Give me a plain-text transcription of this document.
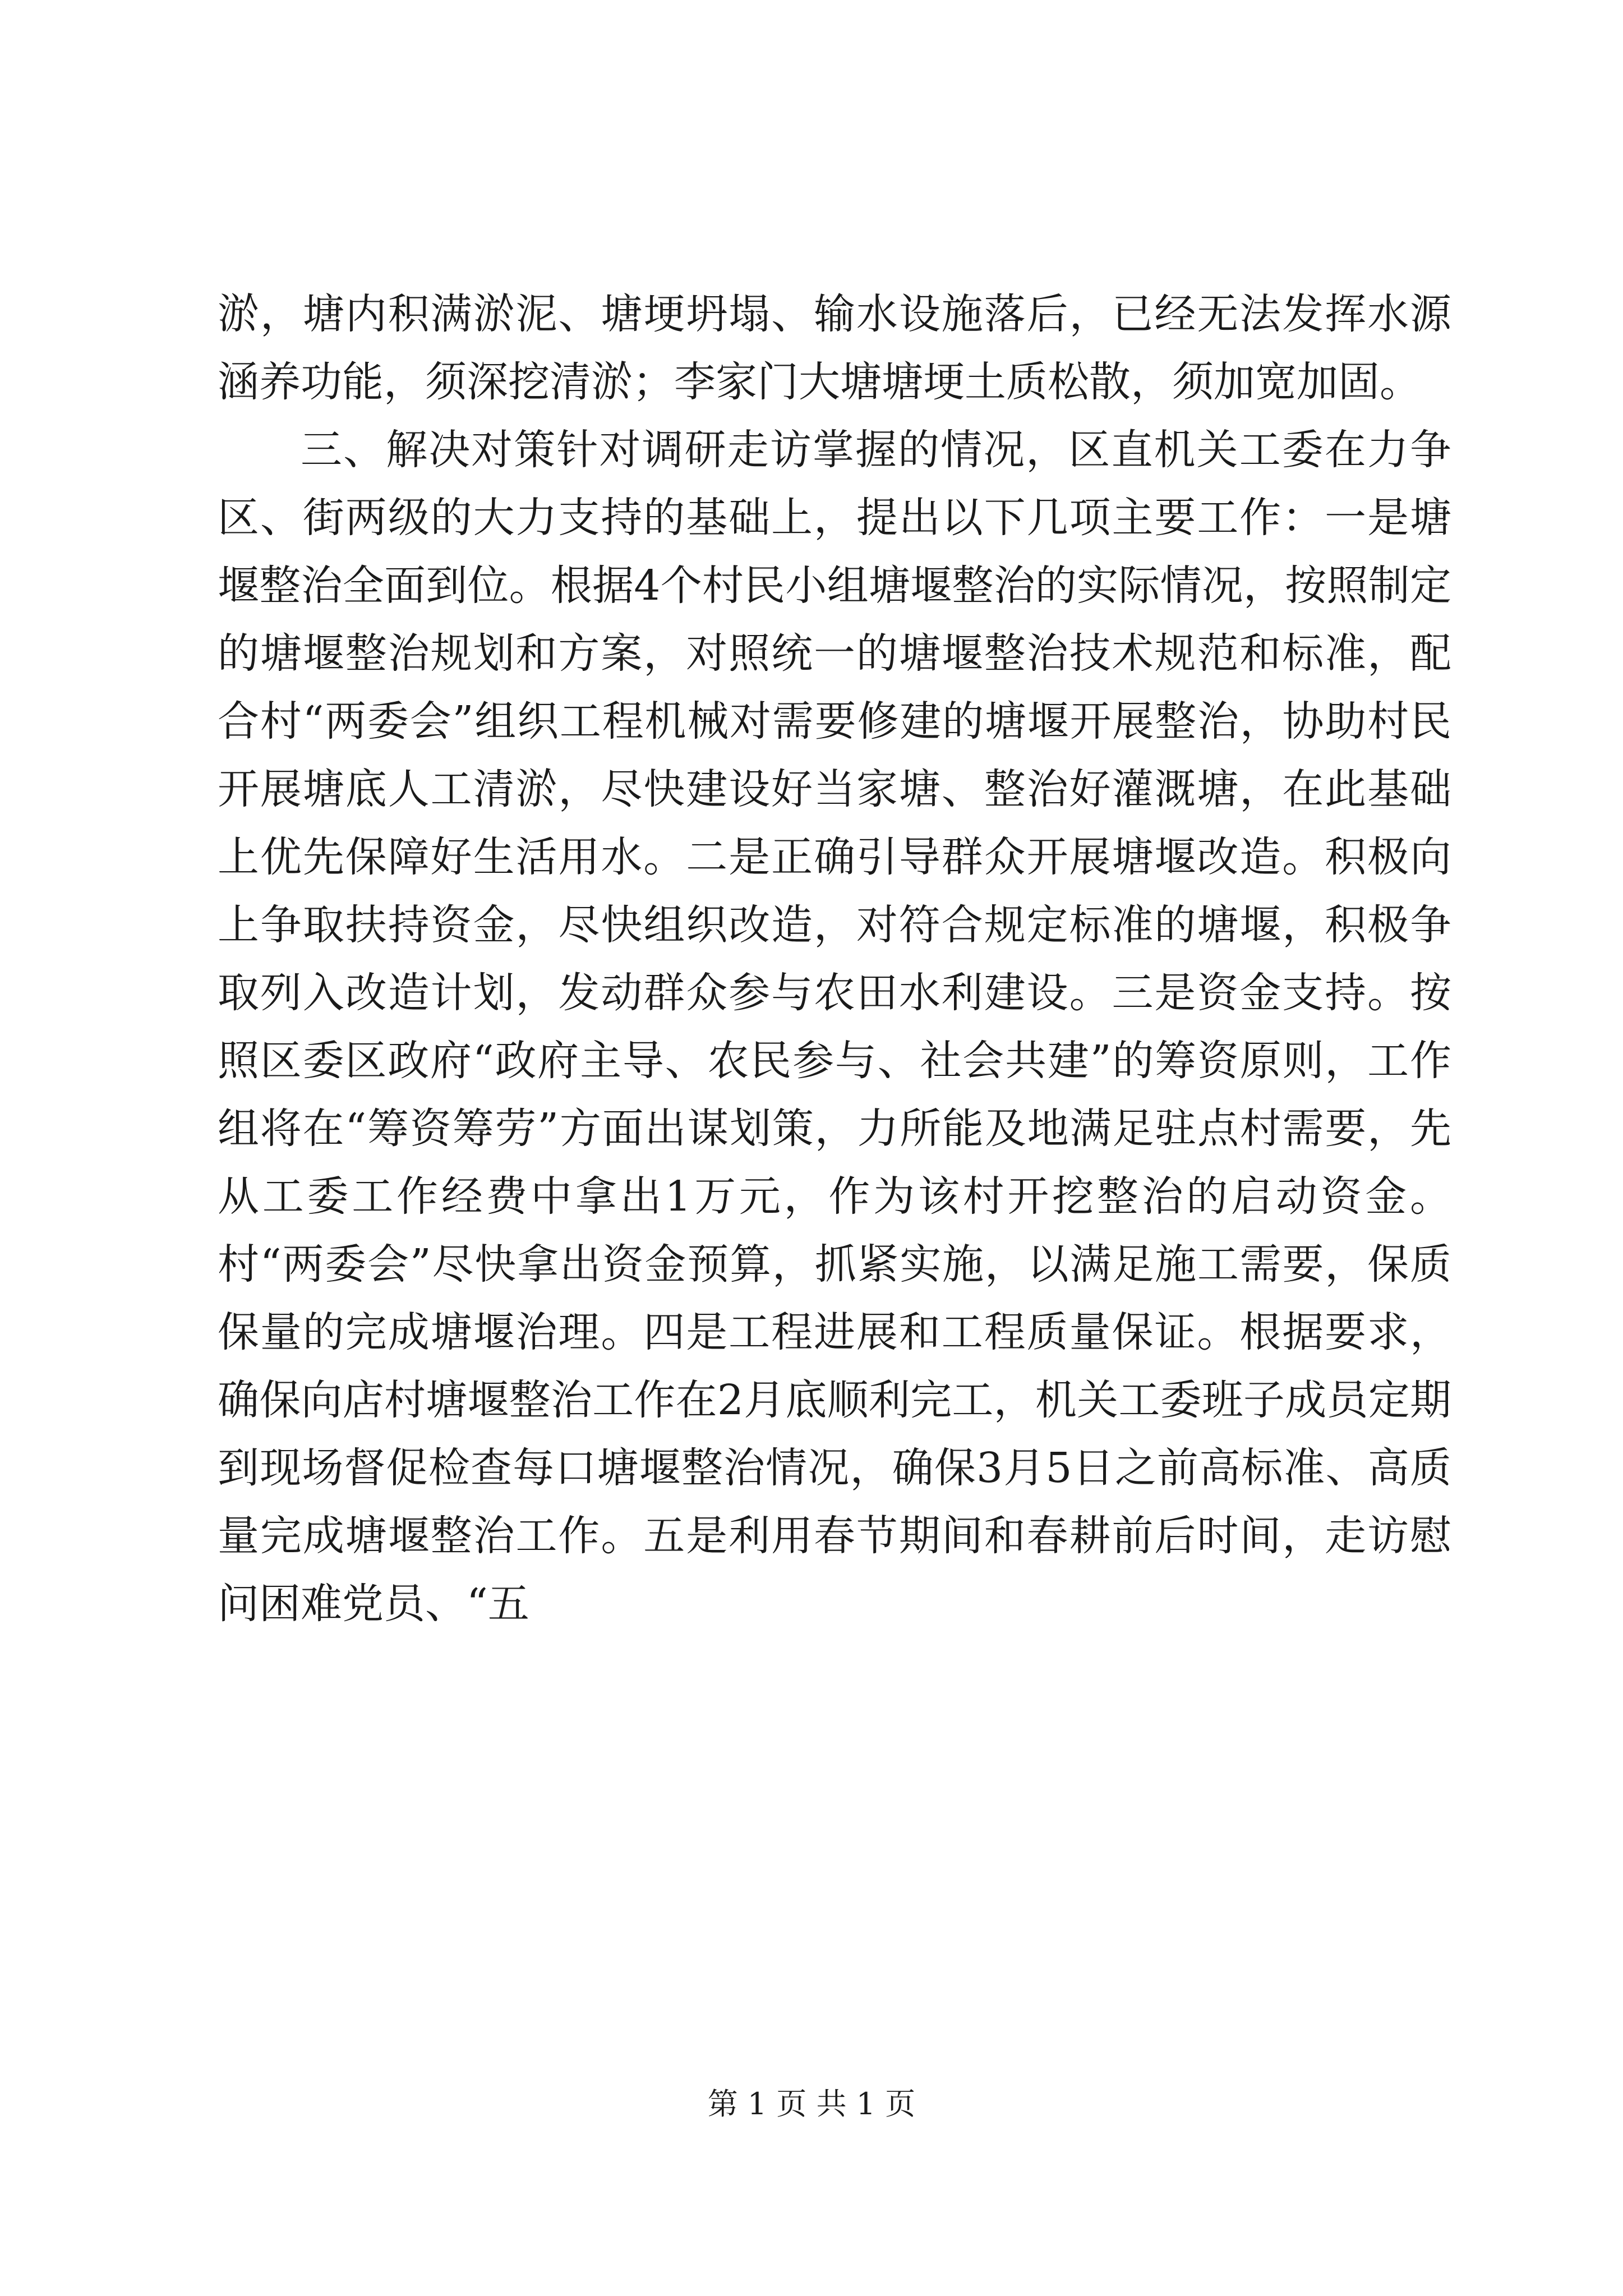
淤，塘内积满淤泥、塘埂坍塌、输水设施落后，已经无法发挥水源涵养功能，须深挖清淤；李家门大塘塘埂土质松散，须加宽加固。

三、解决对策针对调研走访掌握的情况，区直机关工委在力争区、街两级的大力支持的基础上，提出以下几项主要工作：一是塘堰整治全面到位。根据4个村民小组塘堰整治的实际情况，按照制定的塘堰整治规划和方案，对照统一的塘堰整治技术规范和标准，配合村“两委会”组织工程机械对需要修建的塘堰开展整治，协助村民开展塘底人工清淤，尽快建设好当家塘、整治好灌溉塘，在此基础上优先保障好生活用水。二是正确引导群众开展塘堰改造。积极向上争取扶持资金，尽快组织改造，对符合规定标准的塘堰，积极争取列入改造计划，发动群众参与农田水利建设。三是资金支持。按照区委区政府“政府主导、农民参与、社会共建”的筹资原则，工作组将在“筹资筹劳”方面出谋划策，力所能及地满足驻点村需要，先从工委工作经费中拿出1万元，作为该村开挖整治的启动资金。村“两委会”尽快拿出资金预算，抓紧实施，以满足施工需要，保质保量的完成塘堰治理。四是工程进展和工程质量保证。根据要求，确保向店村塘堰整治工作在2月底顺利完工，机关工委班子成员定期到现场督促检查每口塘堰整治情况，确保3月5日之前高标准、高质量完成塘堰整治工作。五是利用春节期间和春耕前后时间，走访慰问困难党员、“五

第 1 页 共 1 页
